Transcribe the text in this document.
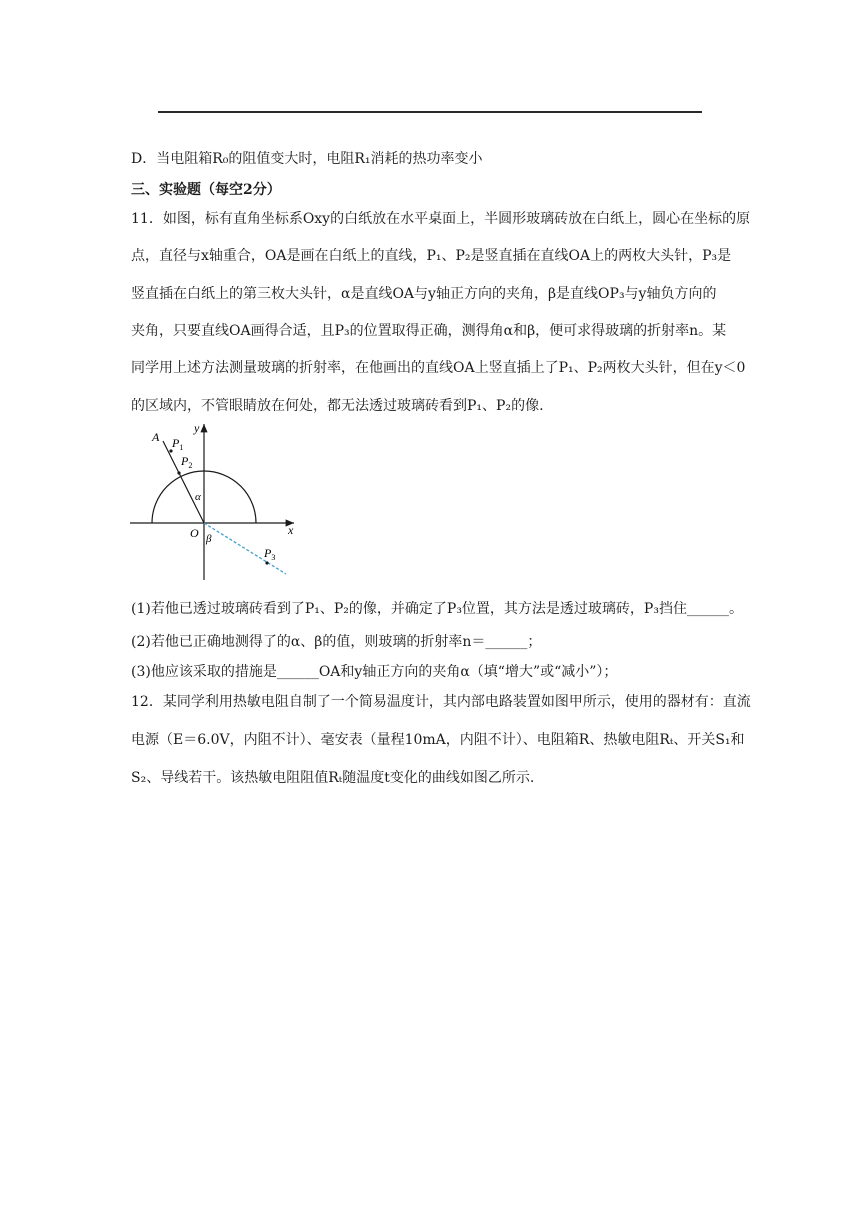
D．当电阻箱R₀的阻值变大时，电阻R₁消耗的热功率变小
三、实验题（每空2分）
11．如图，标有直角坐标系Oxy的白纸放在水平桌面上，半圆形玻璃砖放在白纸上，圆心在坐标的原
点，直径与x轴重合，OA是画在白纸上的直线，P₁、P₂是竖直插在直线OA上的两枚大头针，P₃是
竖直插在白纸上的第三枚大头针，α是直线OA与y轴正方向的夹角，β是直线OP₃与y轴负方向的
夹角，只要直线OA画得合适，且P₃的位置取得正确，测得角α和β，便可求得玻璃的折射率n。某
同学用上述方法测量玻璃的折射率，在他画出的直线OA上竖直插上了P₁、P₂两枚大头针，但在y＜0
的区域内，不管眼睛放在何处，都无法透过玻璃砖看到P₁、P₂的像.
A $P_1$
$P_2$
$P_3$
α
β
O	x
y
(1)若他已透过玻璃砖看到了P₁、P₂的像，并确定了P₃位置，其方法是透过玻璃砖，P₃挡住______。
(2)若他已正确地测得了的α、β的值，则玻璃的折射率n＝______；
(3)他应该采取的措施是______OA和y轴正方向的夹角α（填“增大”或“减小”）；
12．某同学利用热敏电阻自制了一个简易温度计，其内部电路装置如图甲所示，使用的器材有：直流
电源（E＝6.0V，内阻不计）、毫安表（量程10mA，内阻不计）、电阻箱R、热敏电阻Rₜ、开关S₁和
S₂、导线若干。该热敏电阻阻值Rₜ随温度t变化的曲线如图乙所示.
